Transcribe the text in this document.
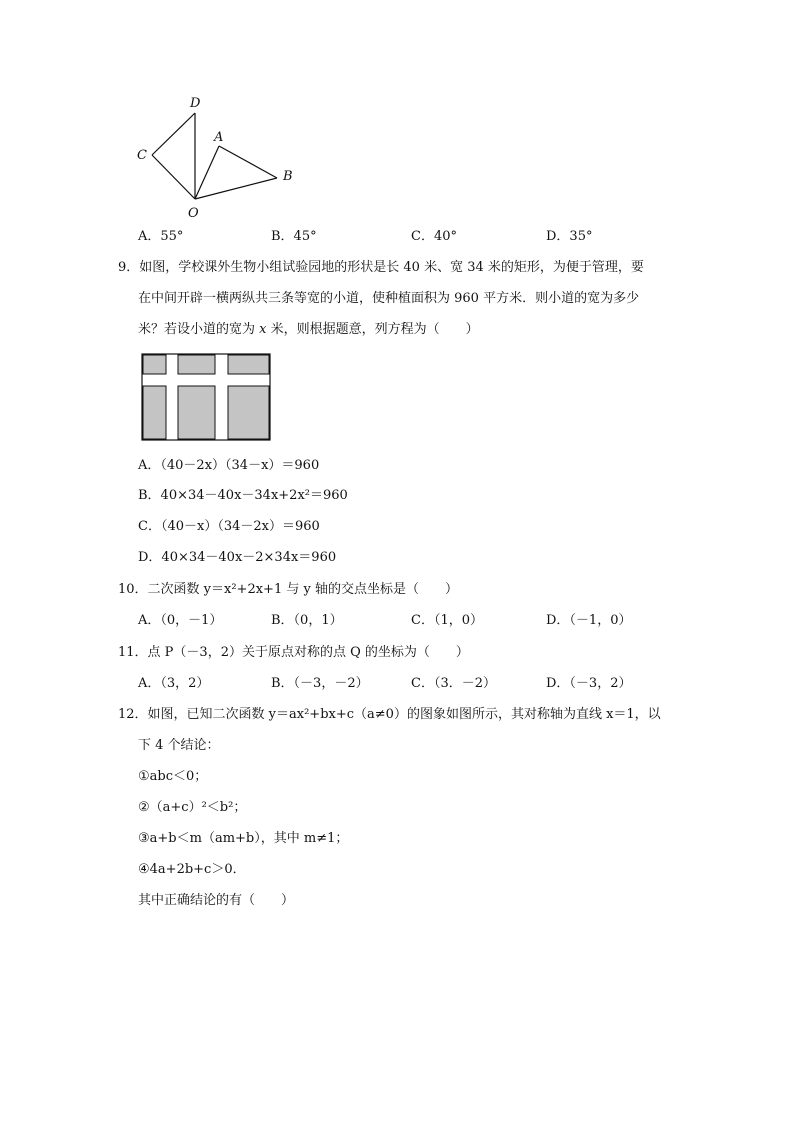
D
A
C
B
O
A．55°	B．45°	C．40°	D．35°
9．如图，学校课外生物小组试验园地的形状是长 40 米、宽 34 米的矩形，为便于管理，要
在中间开辟一横两纵共三条等宽的小道，使种植面积为 960 平方米．则小道的宽为多少
米？若设小道的宽为 x 米，则根据题意，列方程为（　　）
A．（40－2x）（34－x）＝960
B．40×34－40x－34x+2x²＝960
C．（40－x）（34－2x）＝960
D．40×34－40x－2×34x＝960
10．二次函数 y＝x²+2x+1 与 y 轴的交点坐标是（　　）
A．（0，－1）	B．（0，1）	C．（1，0）	D．（－1，0）
11．点 P（－3，2）关于原点对称的点 Q 的坐标为（　　）
A．（3，2）	B．（－3，－2）	C．（3．－2）	D．（－3，2）
12．如图，已知二次函数 y＝ax²+bx+c（a≠0）的图象如图所示，其对称轴为直线 x＝1，以
下 4 个结论：
①abc＜0；
②（a+c）²＜b²；
③a+b＜m（am+b），其中 m≠1；
④4a+2b+c＞0．
其中正确结论的有（　　）
